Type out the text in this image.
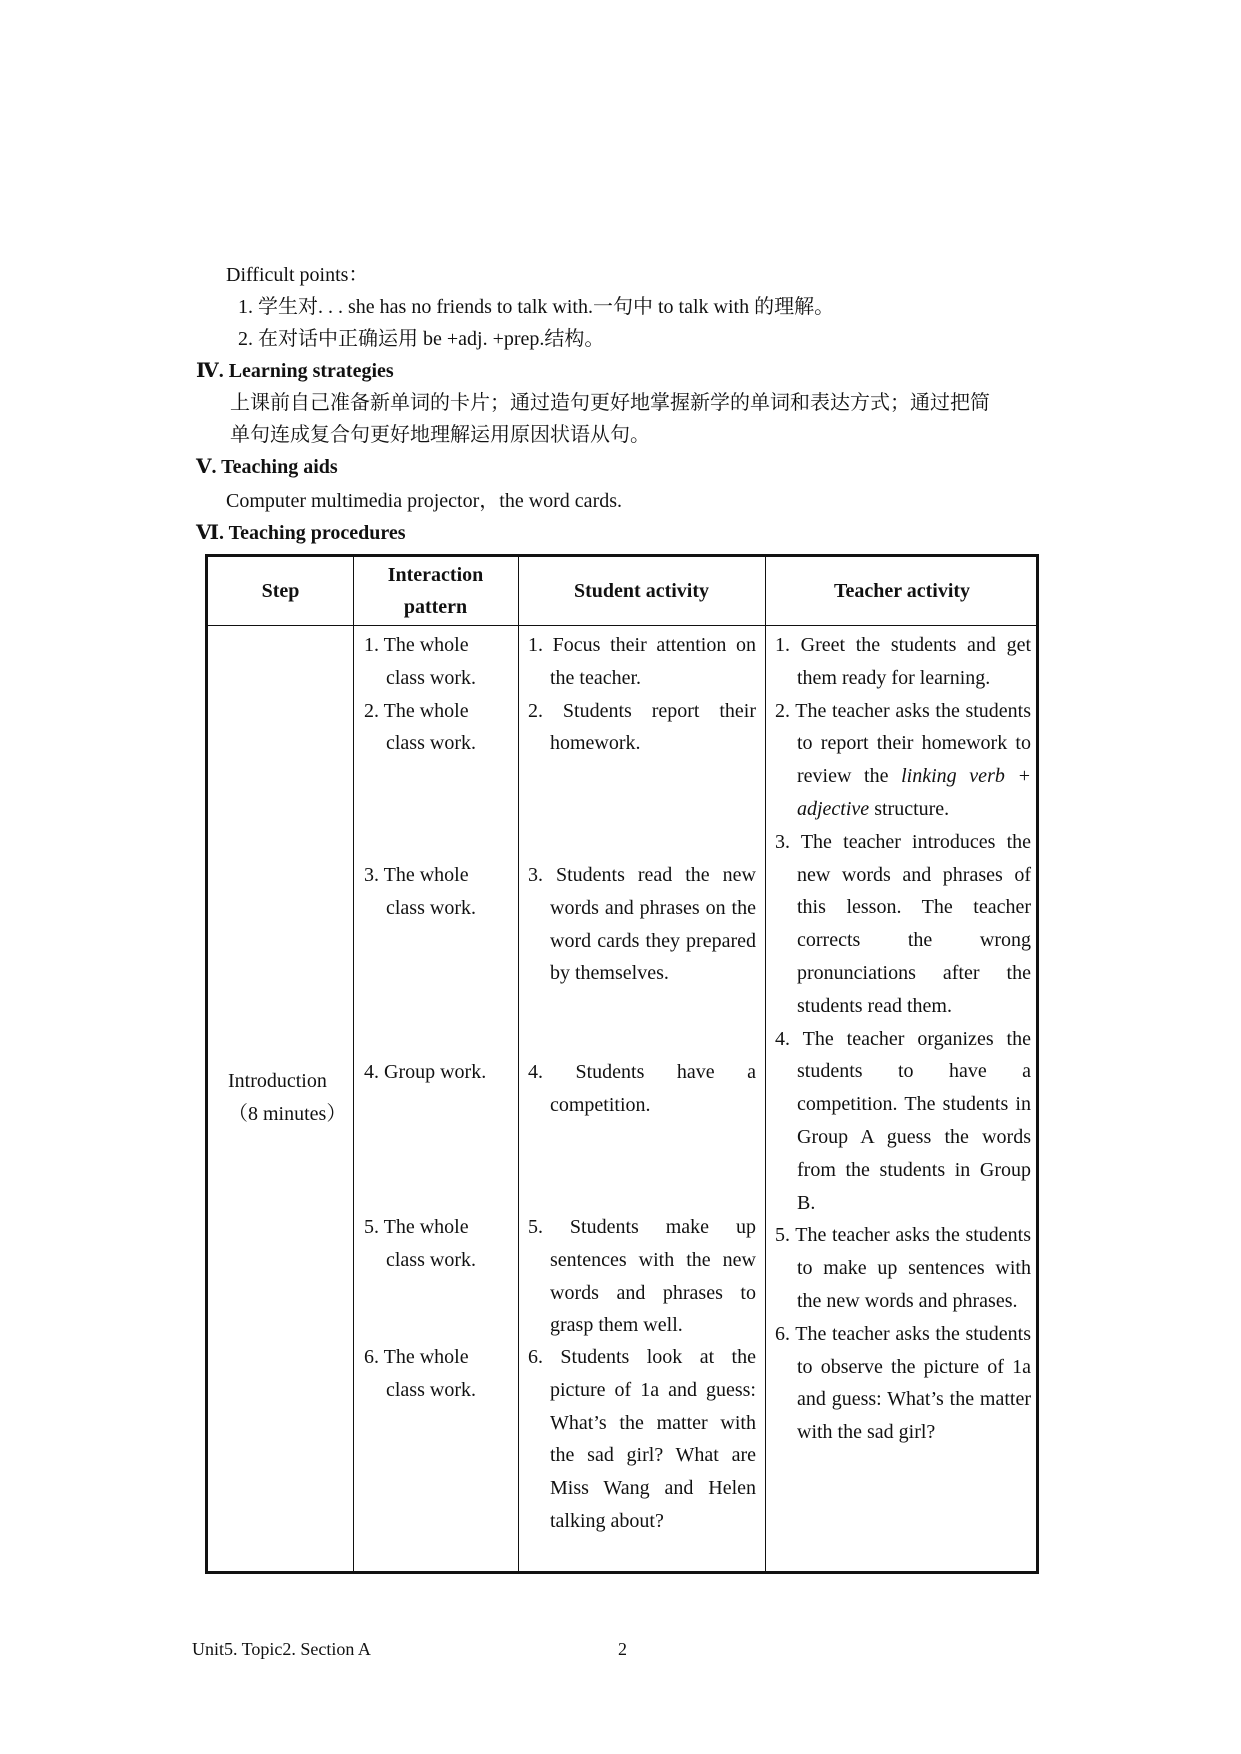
Difficult points：
1. 学生对. . . she has no friends to talk with.一句中 to talk with 的理解。
2. 在对话中正确运用 be +adj. +prep.结构。
Ⅳ. Learning strategies
上课前自己准备新单词的卡片；通过造句更好地掌握新学的单词和表达方式；通过把简
单句连成复合句更好地理解运用原因状语从句。
Ⅴ. Teaching aids
Computer multimedia projector，the word cards.
Ⅵ. Teaching procedures
Step
Interaction
pattern
Student activity	Teacher activity
Introduction
（8 minutes）
1. The whole class work.
2. The whole class work.
3. The whole class work.
4. Group work.
5. The whole class work.
6. The whole class work.
1. Focus their attention on the teacher.
2. Students report their homework.
3. Students read the new words and phrases on the word cards they prepared by themselves.
4. Students have a competition.
5. Students make up sentences with the new words and phrases to grasp them well.
6. Students look at the picture of 1a and guess: What’s the matter with the sad girl? What are Miss Wang and Helen talking about?
1. Greet the students and get them ready for learning.
2. The teacher asks the students to report their homework to review the linking verb + adjective structure.
3. The teacher introduces the new words and phrases of this lesson. The teacher corrects the wrong pronunciations after the students read them.
4. The teacher organizes the students to have a competition. The students in Group A guess the words from the students in Group B.
5. The teacher asks the students to make up sentences with the new words and phrases.
6. The teacher asks the students to observe the picture of 1a and guess: What’s the matter with the sad girl?
Unit5. Topic2. Section A	2
